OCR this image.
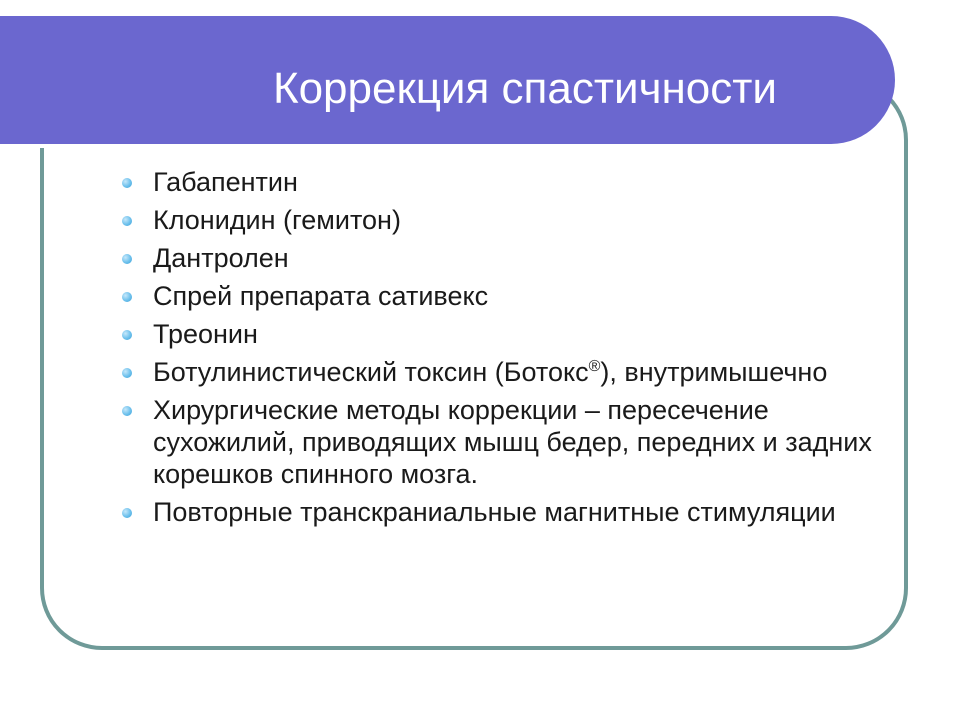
Коррекция спастичности
Габапентин
Клонидин (гемитон)
Дантролен
Спрей препарата сативекс
Треонин
Ботулинистический токсин (Ботокс®), внутримышечно
Хирургические методы коррекции – пересечение сухожилий, приводящих мышц бедер, передних и задних корешков спинного мозга.
Повторные транскраниальные магнитные стимуляции
